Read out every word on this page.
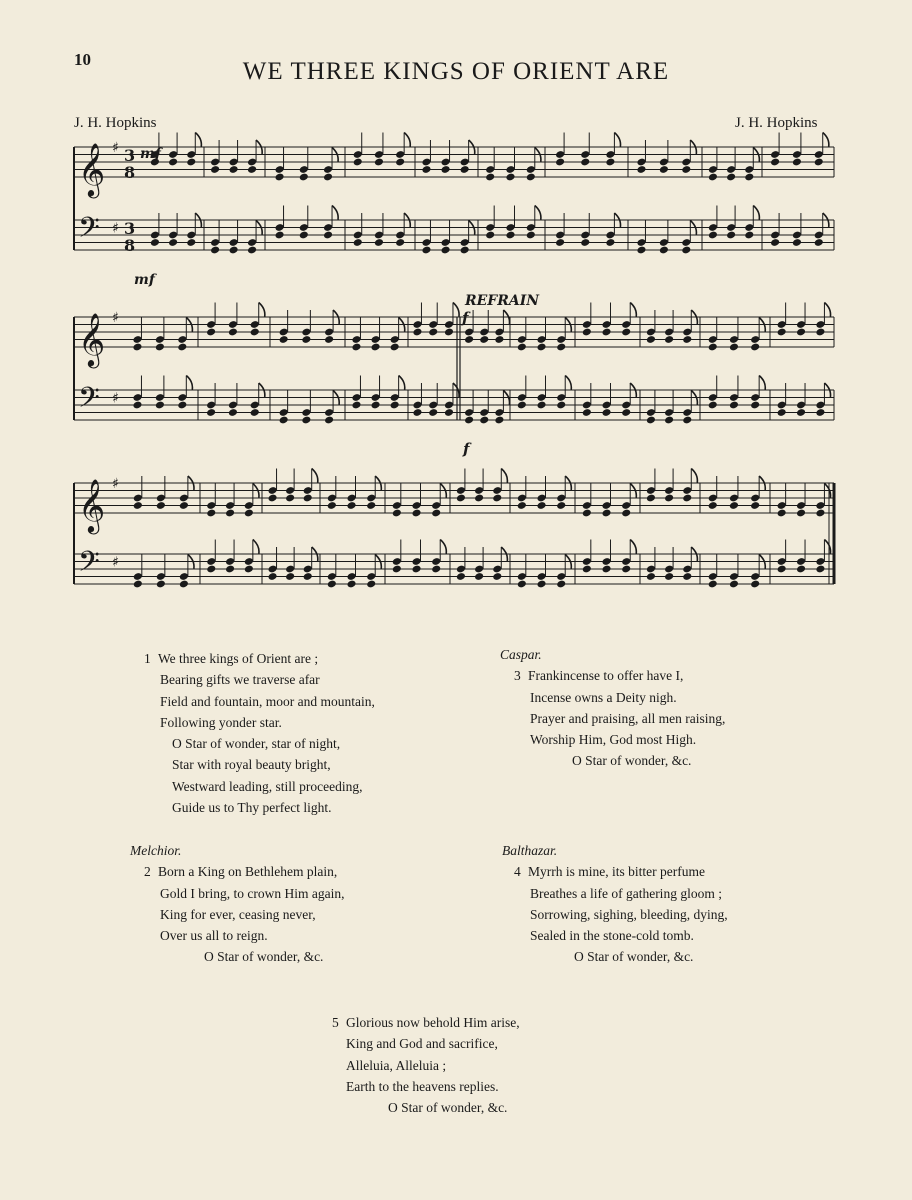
10	WE THREE KINGS OF ORIENT ARE
J. H. Hopkins	J. H. Hopkins
𝄞 ♯ 3
8
𝄢 ♯ 3
8
𝄞 ♯
𝄢 ♯
𝄞 ♯
𝄢 ♯
mf
mf
REFRAIN
f
f
1 We three kings of Orient are ;
Bearing gifts we traverse afar
Field and fountain, moor and mountain,
Following yonder star.
O Star of wonder, star of night,
Star with royal beauty bright,
Westward leading, still proceeding,
Guide us to Thy perfect light.
Melchior.
2 Born a King on Bethlehem plain,
Gold I bring, to crown Him again,
King for ever, ceasing never,
Over us all to reign.
O Star of wonder, &c.
Caspar.
3 Frankincense to offer have I,
Incense owns a Deity nigh.
Prayer and praising, all men raising,
Worship Him, God most High.
O Star of wonder, &c.
Balthazar.
4 Myrrh is mine, its bitter perfume
Breathes a life of gathering gloom ;
Sorrowing, sighing, bleeding, dying,
Sealed in the stone-cold tomb.
O Star of wonder, &c.
5 Glorious now behold Him arise,
King and God and sacrifice,
Alleluia, Alleluia ;
Earth to the heavens replies.
O Star of wonder, &c.
